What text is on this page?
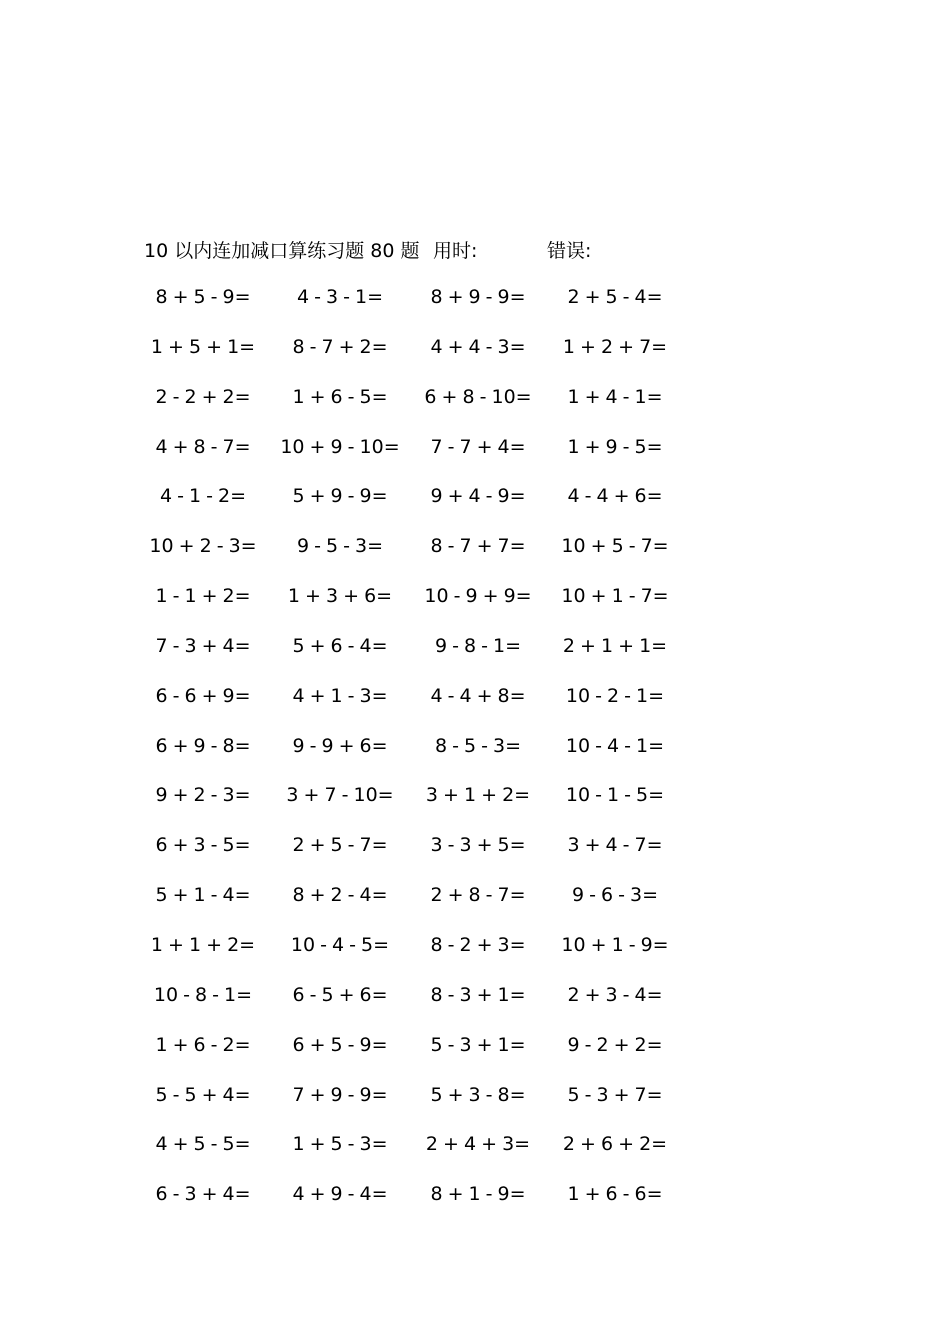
10 以内连加减口算练习题 80 题 用时:	错误:
8 + 5 - 9= 4 - 3 - 1= 8 + 9 - 9= 2 + 5 - 4=
1 + 5 + 1= 8 - 7 + 2= 4 + 4 - 3= 1 + 2 + 7=
2 - 2 + 2= 1 + 6 - 5= 6 + 8 - 10= 1 + 4 - 1=
4 + 8 - 7= 10 + 9 - 10= 7 - 7 + 4= 1 + 9 - 5=
4 - 1 - 2= 5 + 9 - 9= 9 + 4 - 9= 4 - 4 + 6=
10 + 2 - 3= 9 - 5 - 3= 8 - 7 + 7= 10 + 5 - 7=
1 - 1 + 2= 1 + 3 + 6= 10 - 9 + 9= 10 + 1 - 7=
7 - 3 + 4= 5 + 6 - 4= 9 - 8 - 1= 2 + 1 + 1=
6 - 6 + 9= 4 + 1 - 3= 4 - 4 + 8= 10 - 2 - 1=
6 + 9 - 8= 9 - 9 + 6= 8 - 5 - 3= 10 - 4 - 1=
9 + 2 - 3= 3 + 7 - 10= 3 + 1 + 2= 10 - 1 - 5=
6 + 3 - 5= 2 + 5 - 7= 3 - 3 + 5= 3 + 4 - 7=
5 + 1 - 4= 8 + 2 - 4= 2 + 8 - 7= 9 - 6 - 3=
1 + 1 + 2= 10 - 4 - 5= 8 - 2 + 3= 10 + 1 - 9=
10 - 8 - 1= 6 - 5 + 6= 8 - 3 + 1= 2 + 3 - 4=
1 + 6 - 2= 6 + 5 - 9= 5 - 3 + 1= 9 - 2 + 2=
5 - 5 + 4= 7 + 9 - 9= 5 + 3 - 8= 5 - 3 + 7=
4 + 5 - 5= 1 + 5 - 3= 2 + 4 + 3= 2 + 6 + 2=
6 - 3 + 4= 4 + 9 - 4= 8 + 1 - 9= 1 + 6 - 6=
